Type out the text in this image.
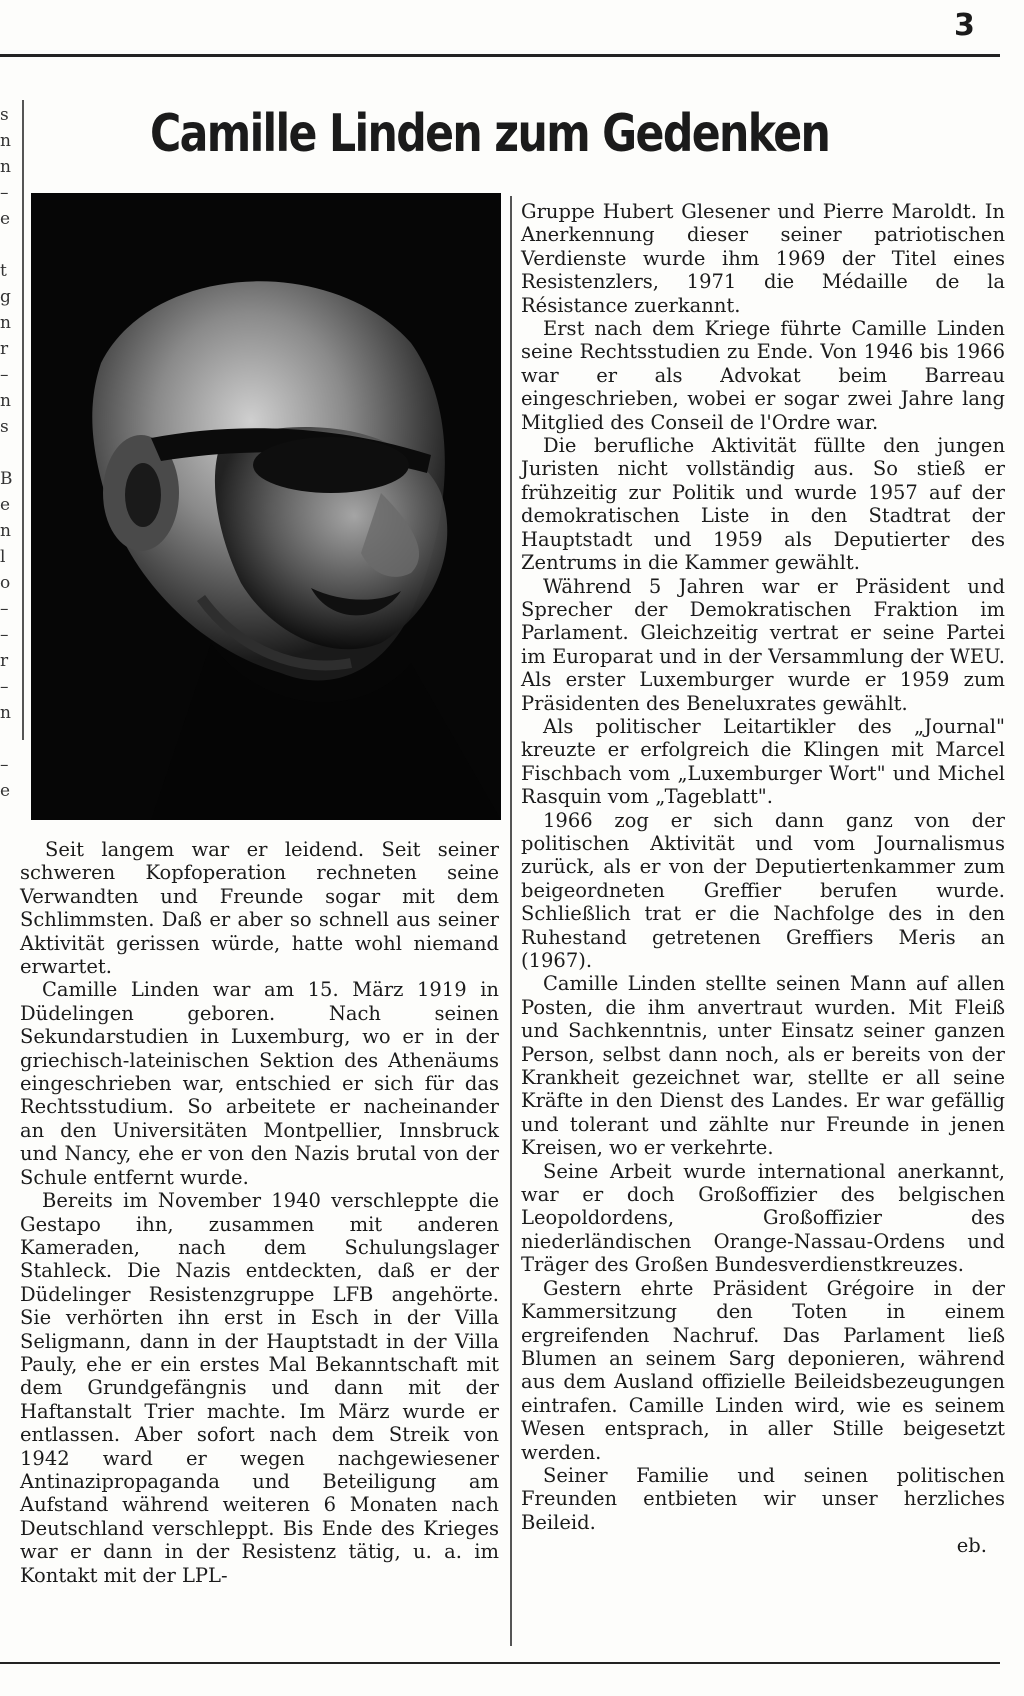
3
s
n
n
–
e
t
g
n
r
–
n
s
B
e
n
l
o
–
–
r
–
n
–
e
Camille Linden zum Gedenken

Seit langem war er leidend. Seit seiner schweren Kopfoperation rechneten seine Verwandten und Freunde sogar mit dem Schlimmsten. Daß er aber so schnell aus seiner Aktivität gerissen würde, hatte wohl niemand erwartet.

Camille Linden war am 15. März 1919 in Düdelingen geboren. Nach seinen Sekundarstudien in Luxemburg, wo er in der griechisch-lateinischen Sektion des Athenäums eingeschrieben war, entschied er sich für das Rechtsstudium. So arbeitete er nacheinander an den Universitäten Montpellier, Innsbruck und Nancy, ehe er von den Nazis brutal von der Schule entfernt wurde.

Bereits im November 1940 verschleppte die Gestapo ihn, zusammen mit anderen Kameraden, nach dem Schulungslager Stahleck. Die Nazis entdeckten, daß er der Düdelinger Resistenzgruppe LFB angehörte. Sie verhörten ihn erst in Esch in der Villa Seligmann, dann in der Hauptstadt in der Villa Pauly, ehe er ein erstes Mal Bekanntschaft mit dem Grundgefängnis und dann mit der Haftanstalt Trier machte. Im März wurde er entlassen. Aber sofort nach dem Streik von 1942 ward er wegen nachgewiesener Antinazipropaganda und Beteiligung am Aufstand während weiteren 6 Monaten nach Deutschland verschleppt. Bis Ende des Krieges war er dann in der Resistenz tätig, u. a. im Kontakt mit der LPL-

Gruppe Hubert Glesener und Pierre Maroldt. In Anerkennung dieser seiner patriotischen Verdienste wurde ihm 1969 der Titel eines Resistenzlers, 1971 die Médaille de la Résistance zuerkannt.

Erst nach dem Kriege führte Camille Linden seine Rechtsstudien zu Ende. Von 1946 bis 1966 war er als Advokat beim Barreau eingeschrieben, wobei er sogar zwei Jahre lang Mitglied des Conseil de l'Ordre war.

Die berufliche Aktivität füllte den jungen Juristen nicht vollständig aus. So stieß er frühzeitig zur Politik und wurde 1957 auf der demokratischen Liste in den Stadtrat der Hauptstadt und 1959 als Deputierter des Zentrums in die Kammer gewählt.

Während 5 Jahren war er Präsident und Sprecher der Demokratischen Fraktion im Parlament. Gleichzeitig vertrat er seine Partei im Europarat und in der Versammlung der WEU. Als erster Luxemburger wurde er 1959 zum Präsidenten des Beneluxrates gewählt.

Als politischer Leitartikler des „Journal" kreuzte er erfolgreich die Klingen mit Marcel Fischbach vom „Luxemburger Wort" und Michel Rasquin vom „Tageblatt".

1966 zog er sich dann ganz von der politischen Aktivität und vom Journalismus zurück, als er von der Deputiertenkammer zum beigeordneten Greffier berufen wurde. Schließlich trat er die Nachfolge des in den Ruhestand getretenen Greffiers Meris an (1967).

Camille Linden stellte seinen Mann auf allen Posten, die ihm anvertraut wurden. Mit Fleiß und Sachkenntnis, unter Einsatz seiner ganzen Person, selbst dann noch, als er bereits von der Krankheit gezeichnet war, stellte er all seine Kräfte in den Dienst des Landes. Er war gefällig und tolerant und zählte nur Freunde in jenen Kreisen, wo er verkehrte.

Seine Arbeit wurde international anerkannt, war er doch Großoffizier des belgischen Leopoldordens, Großoffizier des niederländischen Orange-Nassau-Ordens und Träger des Großen Bundesverdienstkreuzes.

Gestern ehrte Präsident Grégoire in der Kammersitzung den Toten in einem ergreifenden Nachruf. Das Parlament ließ Blumen an seinem Sarg deponieren, während aus dem Ausland offizielle Beileidsbezeugungen eintrafen. Camille Linden wird, wie es seinem Wesen entsprach, in aller Stille beigesetzt werden.

Seiner Familie und seinen politischen Freunden entbieten wir unser herzliches Beileid.

eb.
